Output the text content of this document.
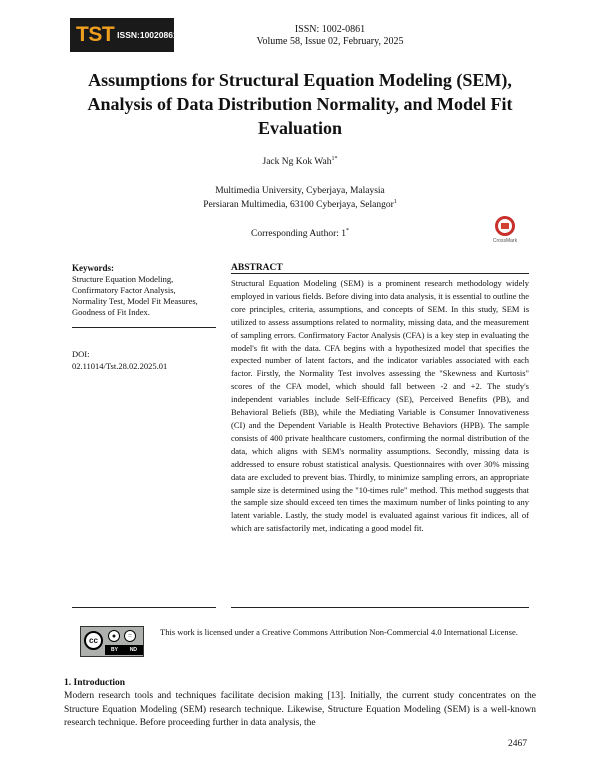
TST ISSN:10020861	ISSN: 1002-0861
Volume 58, Issue 02, February, 2025
Assumptions for Structural Equation Modeling (SEM),
Analysis of Data Distribution Normality, and Model Fit
Evaluation
Jack Ng Kok Wah$^{1*}$
Multimedia University, Cyberjaya, Malaysia
Persiaran Multimedia, 63100 Cyberjaya, Selangor$^1$
Corresponding Author: 1*
CrossMark
Keywords:
Structure Equation Modeling, Confirmatory Factor Analysis, Normality Test, Model Fit Measures, Goodness of Fit Index.
DOI:
02.11014/Tst.28.02.2025.01
ABSTRACT
Structural Equation Modeling (SEM) is a prominent research methodology widely employed in various fields. Before diving into data analysis, it is essential to outline the core principles, criteria, assumptions, and concepts of SEM. In this study, SEM is utilized to assess assumptions related to normality, missing data, and the measurement of sampling errors. Confirmatory Factor Analysis (CFA) is a key step in evaluating the model's fit with the data. CFA begins with a hypothesized model that specifies the expected number of latent factors, and the indicator variables associated with each factor. Firstly, the Normality Test involves assessing the "Skewness and Kurtosis" scores of the CFA model, which should fall between -2 and +2. The study's independent variables include Self-Efficacy (SE), Perceived Benefits (PB), and Behavioral Beliefs (BB), while the Mediating Variable is Consumer Innovativeness (CI) and the Dependent Variable is Health Protective Behaviors (HPB). The sample consists of 400 private healthcare customers, confirming the normal distribution of the data, which aligns with SEM's normality assumptions. Secondly, missing data is addressed to ensure robust statistical analysis. Questionnaires with over 30% missing data are excluded to prevent bias. Thirdly, to minimize sampling errors, an appropriate sample size is determined using the "10-times rule" method. This method suggests that the sample size should exceed ten times the maximum number of links pointing to any latent variable. Lastly, the study model is evaluated against various fit indices, all of which are satisfactorily met, indicating a good model fit.
cc	●	=
BY ND
This work is licensed under a Creative Commons Attribution Non-Commercial 4.0 International License.
1. Introduction
Modern research tools and techniques facilitate decision making [13]. Initially, the current study concentrates on the Structure Equation Modeling (SEM) research technique. Likewise, Structure Equation Modeling (SEM) is a well-known research technique. Before proceeding further in data analysis, the
2467
